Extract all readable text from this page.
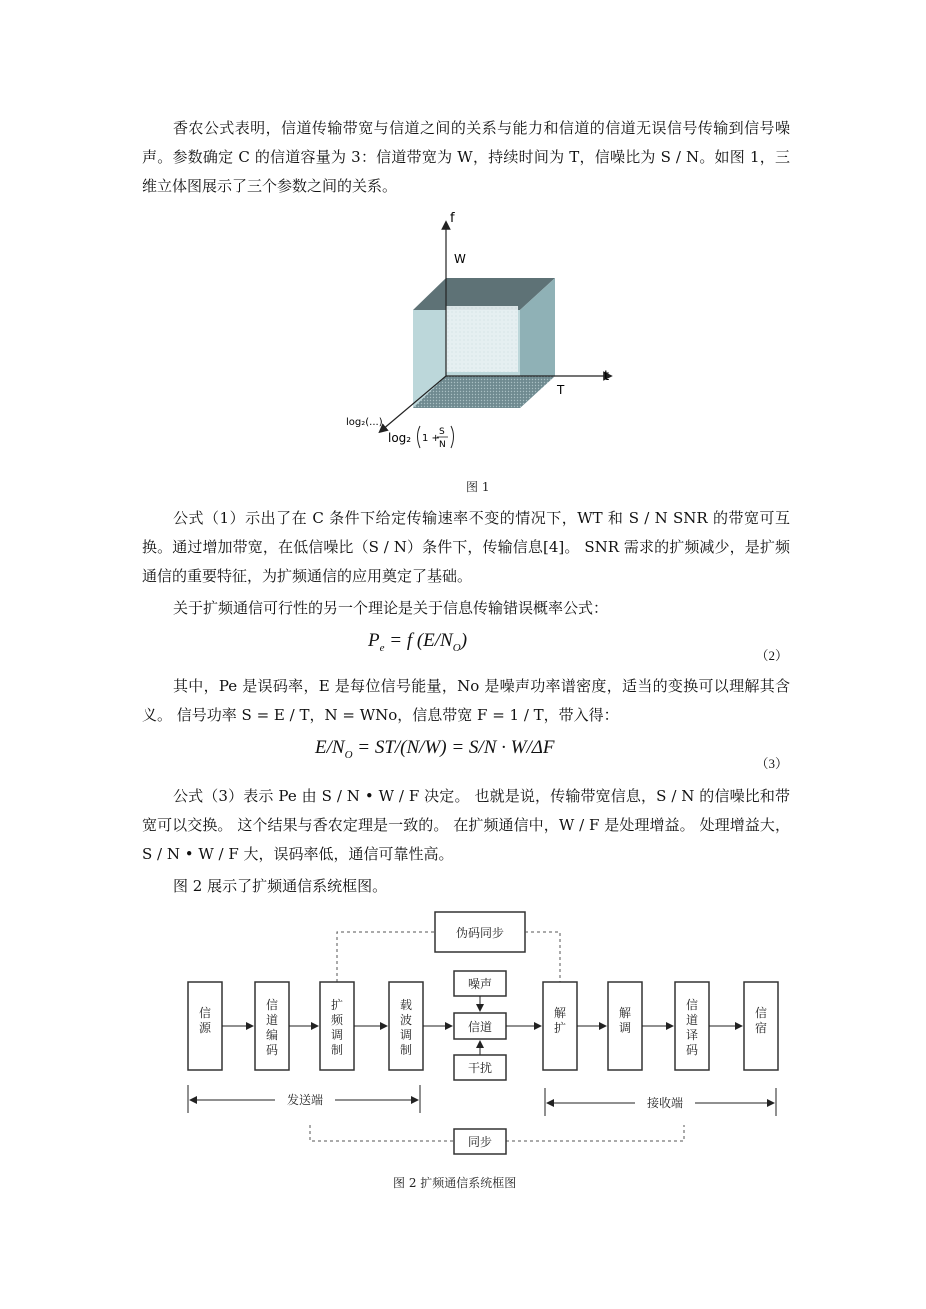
香农公式表明，信道传输带宽与信道之间的关系与能力和信道的信道无误信号传输到信号噪声。参数确定 C 的信道容量为 3：信道带宽为 W，持续时间为 T，信噪比为 S / N。如图 1，三维立体图展示了三个参数之间的关系。

f
t
W
T
log₂(...)
log₂ 1 +
S
N
图 1

公式（1）示出了在 C 条件下给定传输速率不变的情况下，WT 和 S / N SNR 的带宽可互换。通过增加带宽，在低信噪比（S / N）条件下，传输信息[4]。 SNR 需求的扩频减少，是扩频通信的重要特征，为扩频通信的应用奠定了基础。

关于扩频通信可行性的另一个理论是关于信息传输错误概率公式：

$P_e = f$ $(E/N_O)$
（2）

其中，Pe 是误码率，E 是每位信号能量，No 是噪声功率谱密度，适当的变换可以理解其含义。 信号功率 S = E / T，N = WNo，信息带宽 F = 1 / T，带入得：

$E/N_O = ST/(N/W) = S/N \cdot W/\Delta F$
（3）

公式（3）表示 Pe 由 S / N • W / F 决定。 也就是说，传输带宽信息，S / N 的信噪比和带宽可以交换。 这个结果与香农定理是一致的。 在扩频通信中，W / F 是处理增益。 处理增益大，S / N • W / F 大，误码率低，通信可靠性高。

图 2 展示了扩频通信系统框图。

伪码同步
信源
信道编码
扩频调制
载波调制
噪声
信道
干扰
解扩
解调
信道译码
信宿
发送端	接收端
同步
图 2 扩频通信系统框图
